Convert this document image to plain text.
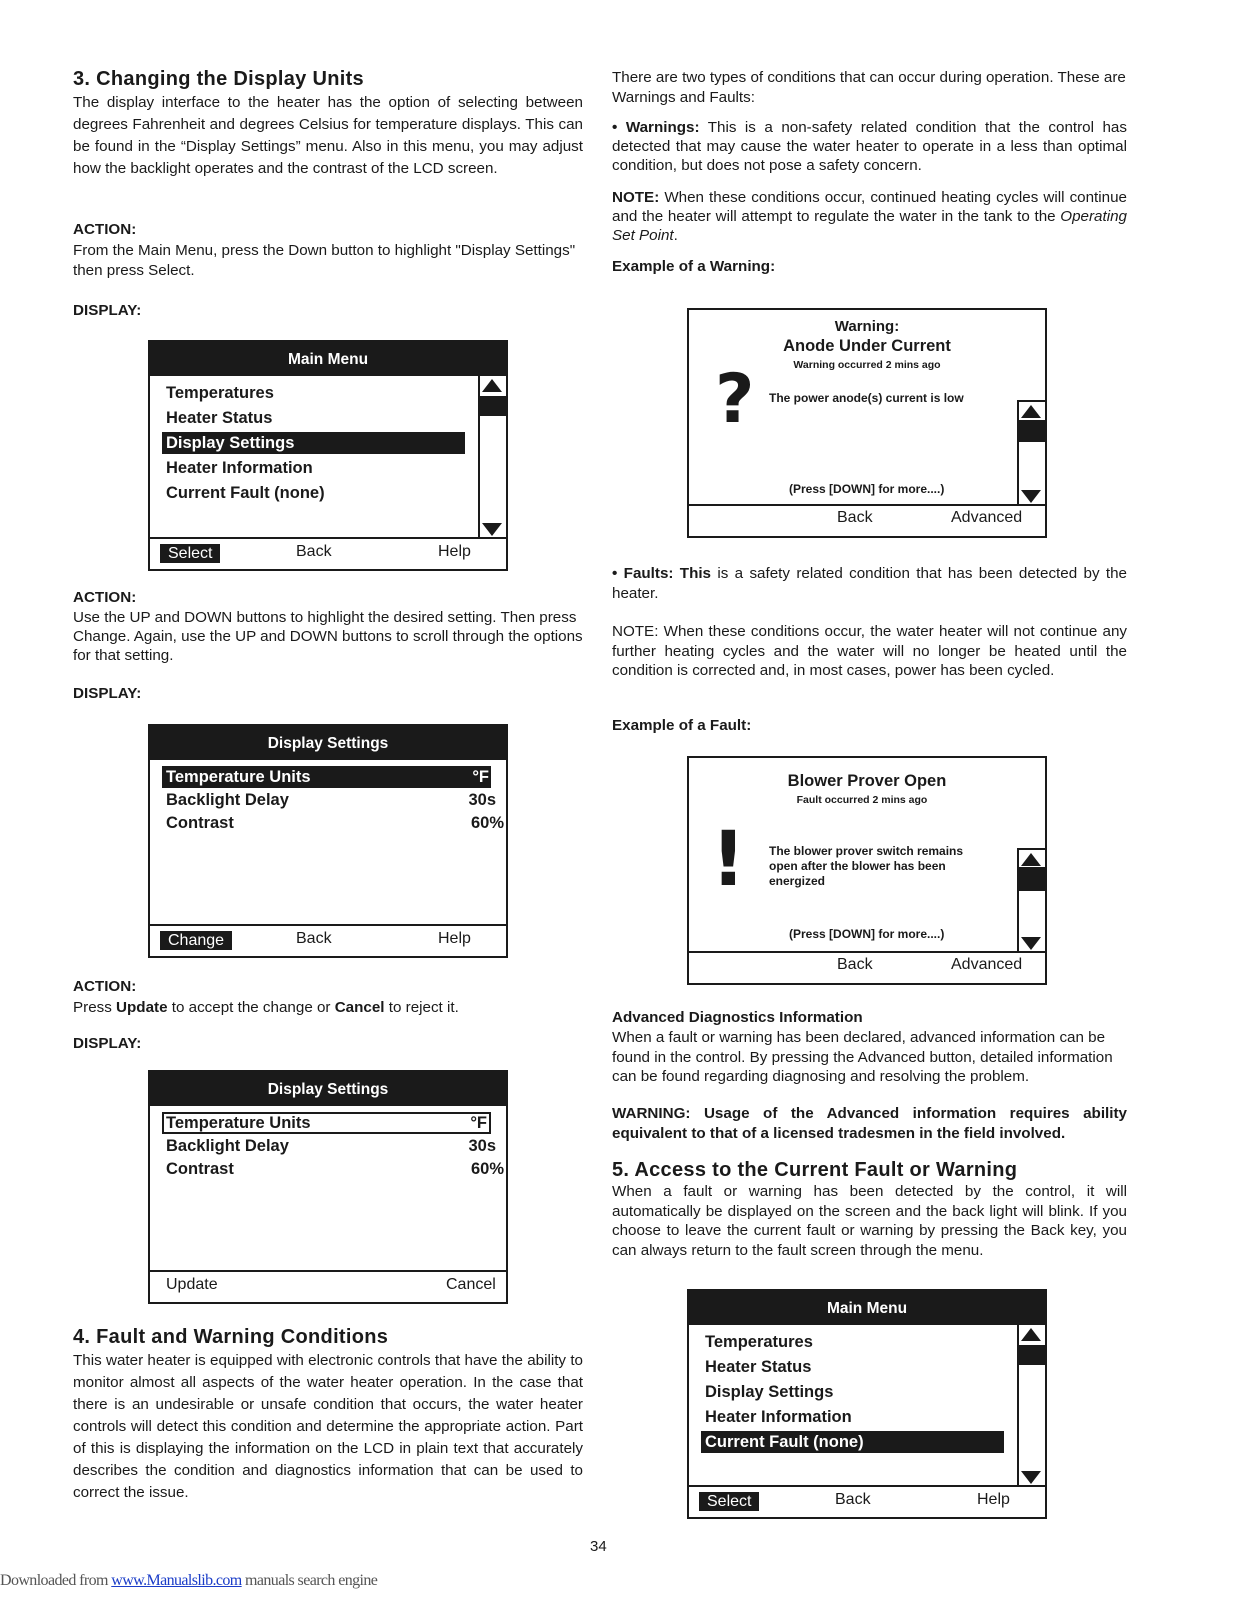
3. Changing the Display Units

The display interface to the heater has the option of selecting between degrees Fahrenheit and degrees Celsius for temperature displays. This can be found in the “Display Settings” menu. Also in this menu, you may adjust how the backlight operates and the contrast of the LCD screen.

ACTION:

From the Main Menu, press the Down button to highlight "Display Settings" then press Select.

DISPLAY:
Main Menu
Temperatures
Heater Status
Display Settings
Heater Information
Current Fault (none)
Select	Back	Help
ACTION:

Use the UP and DOWN buttons to highlight the desired setting. Then press Change. Again, use the UP and DOWN buttons to scroll through the options for that setting.

DISPLAY:
Display Settings
Temperature Units	°F
Backlight Delay	30s
Contrast	60%
Change	Back	Help
ACTION:

Press Update to accept the change or Cancel to reject it.

DISPLAY:
Display Settings
Temperature Units	°F
Backlight Delay	30s
Contrast	60%
Update	Cancel
4. Fault and Warning Conditions

This water heater is equipped with electronic controls that have the ability to monitor almost all aspects of the water heater operation. In the case that there is an undesirable or unsafe condition that occurs, the water heater controls will detect this condition and determine the appropriate action. Part of this is displaying the information on the LCD in plain text that accurately describes the condition and diagnostics information that can be used to correct the issue.

There are two types of conditions that can occur during operation. These are Warnings and Faults:

• Warnings: This is a non-safety related condition that the control has detected that may cause the water heater to operate in a less than optimal condition, but does not pose a safety concern.

NOTE: When these conditions occur, continued heating cycles will continue and the heater will attempt to regulate the water in the tank to the Operating Set Point.

Example of a Warning:
Warning:
Anode Under Current
Warning occurred 2 mins ago
? The power anode(s) current is low
(Press [DOWN] for more....)
Back	Advanced

• Faults: This is a safety related condition that has been detected by the heater.

NOTE: When these conditions occur, the water heater will not continue any further heating cycles and the water will no longer be heated until the condition is corrected and, in most cases, power has been cycled.

Example of a Fault:
Blower Prover Open
Fault occurred 2 mins ago
! The blower prover switch remains open after the blower has been energized
(Press [DOWN] for more....)
Back	Advanced
Advanced Diagnostics Information

When a fault or warning has been declared, advanced information can be found in the control. By pressing the Advanced button, detailed information can be found regarding diagnosing and resolving the problem.

WARNING: Usage of the Advanced information requires ability equivalent to that of a licensed tradesmen in the field involved.

5. Access to the Current Fault or Warning

When a fault or warning has been detected by the control, it will automatically be displayed on the screen and the back light will blink. If you choose to leave the current fault or warning by pressing the Back key, you can always return to the fault screen through the menu.

Main Menu
Temperatures
Heater Status
Display Settings
Heater Information
Current Fault (none)
Select	Back	Help
34
Downloaded from www.Manualslib.com manuals search engine
